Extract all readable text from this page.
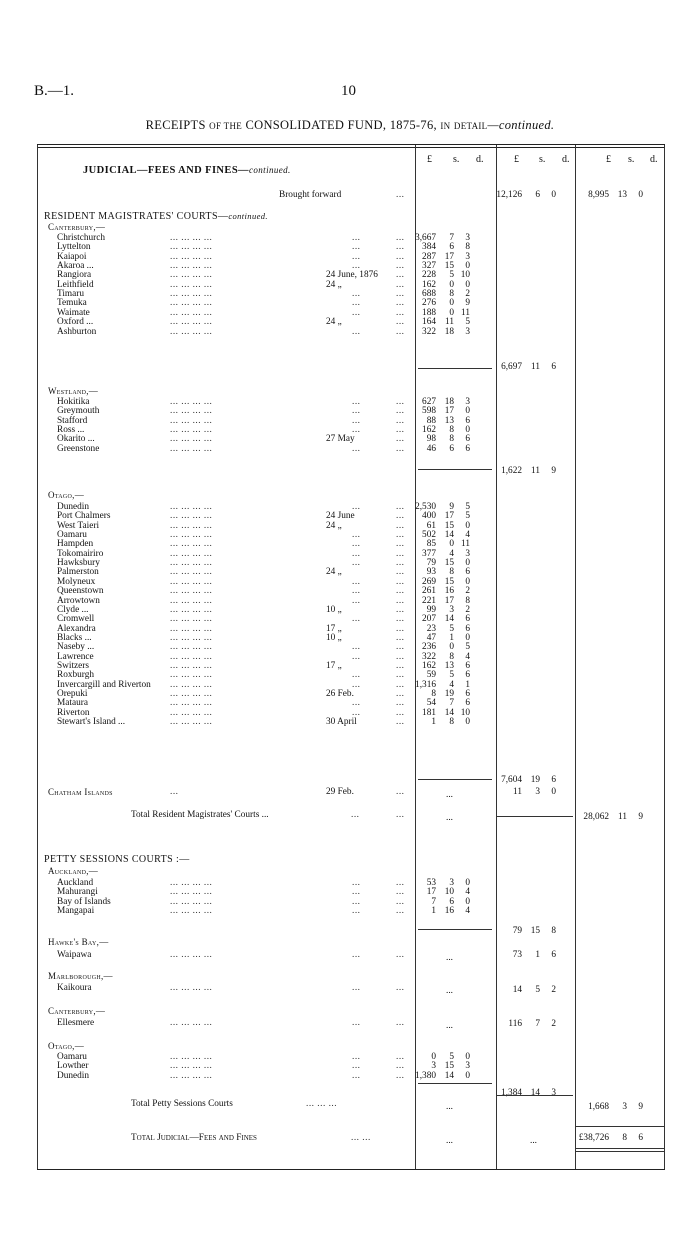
B.—1.	10
RECEIPTS OF THE CONSOLIDATED FUND, 1875-76, IN DETAIL—continued.
£ s. d.	£ s. d.	£ s. d.
JUDICIAL—FEES AND FINES—continued.
Brought forward	...	12,126 6 0	8,995 13 0
RESIDENT MAGISTRATES' COURTS—continued.
Canterbury,—
Christchurch	... ... ... ...	...	...	3,667 7 3
Lyttelton	... ... ... ...	...	...	384 6 8
Kaiapoi	... ... ... ...	...	...	287 17 3
Akaroa ...	... ... ... ...	...	...	327 15 0
Rangiora	... ... ... ...	24 June, 1876 ...	228 5 10
Leithfield	... ... ... ...	24 „	...	162 0 0
Timaru	... ... ... ...	...	...	688 8 2
Temuka	... ... ... ...	...	...	276 0 9
Waimate	... ... ... ...	...	...	188 0 11
Oxford ...	... ... ... ...	24 „	...	164 11 5
Ashburton	... ... ... ...	...	...	322 18 3
6,697 11 6
Westland,—
Hokitika	... ... ... ...	...	...	627 18 3
Greymouth	... ... ... ...	...	...	598 17 0
Stafford	... ... ... ...	...	...	88 13 6
Ross ...	... ... ... ...	...	...	162 8 0
Okarito ...	... ... ... ...	27 May	...	98 8 6
Greenstone	... ... ... ...	...	...	46 6 6
1,622 11 9
Otago,—
Dunedin	... ... ... ...	...	...	2,530 9 5
Port Chalmers	... ... ... ...	24 June	...	400 17 5
West Taieri	... ... ... ...	24 „	...	61 15 0
Oamaru	... ... ... ...	...	...	502 14 4
Hampden	... ... ... ...	...	...	85 0 11
Tokomairiro	... ... ... ...	...	...	377 4 3
Hawksbury	... ... ... ...	...	...	79 15 0
Palmerston	... ... ... ...	24 „	...	93 8 6
Molyneux	... ... ... ...	...	...	269 15 0
Queenstown	... ... ... ...	...	...	261 16 2
Arrowtown	... ... ... ...	...	...	221 17 8
Clyde ...	... ... ... ...	10 „	...	99 3 2
Cromwell	... ... ... ...	...	...	207 14 6
Alexandra	... ... ... ...	17 „	...	23 5 6
Blacks ...	... ... ... ...	10 „	...	47 1 0
Naseby ...	... ... ... ...	...	...	236 0 5
Lawrence	... ... ... ...	...	...	322 8 4
Switzers	... ... ... ...	17 „	...	162 13 6
Roxburgh	... ... ... ...	...	...	59 5 6
Invercargill and Riverton ... ... ... ...	...	...	1,316 4 1
Orepuki	... ... ... ...	26 Feb.	...	8 19 6
Mataura	... ... ... ...	...	...	54 7 6
Riverton	... ... ... ...	...	...	181 14 10
Stewart's Island ...	... ... ... ...	30 April	...	1 8 0
7,604 19 6
Chatham Islands	...	29 Feb.	...	...	11 3 0
Total Resident Magistrates' Courts ...	...	...	...	28,062 11 9
PETTY SESSIONS COURTS :—
Auckland,—
Auckland	... ... ... ...	...	...	53 3 0
Mahurangi	... ... ... ...	...	...	17 10 4
Bay of Islands	... ... ... ...	...	...	7 6 0
Mangapai	... ... ... ...	...	...	1 16 4
79 15 8
Hawke's Bay,—
Waipawa	... ... ... ...	...	...	...	73 1 6
Marlborough,—
Kaikoura	... ... ... ...	...	...	...	14 5 2
Canterbury,—
Ellesmere	... ... ... ...	...	...	...	116 7 2
Otago,—
Oamaru	... ... ... ...	...	...	0 5 0
Lowther	... ... ... ...	...	...	3 15 3
Dunedin	... ... ... ...	...	...	1,380 14 0
1,384 14 3
Total Petty Sessions Courts	... ... ...	...	1,668 3 9
Total Judicial—Fees and Fines	... ...	...	...	£38,726 8 6
